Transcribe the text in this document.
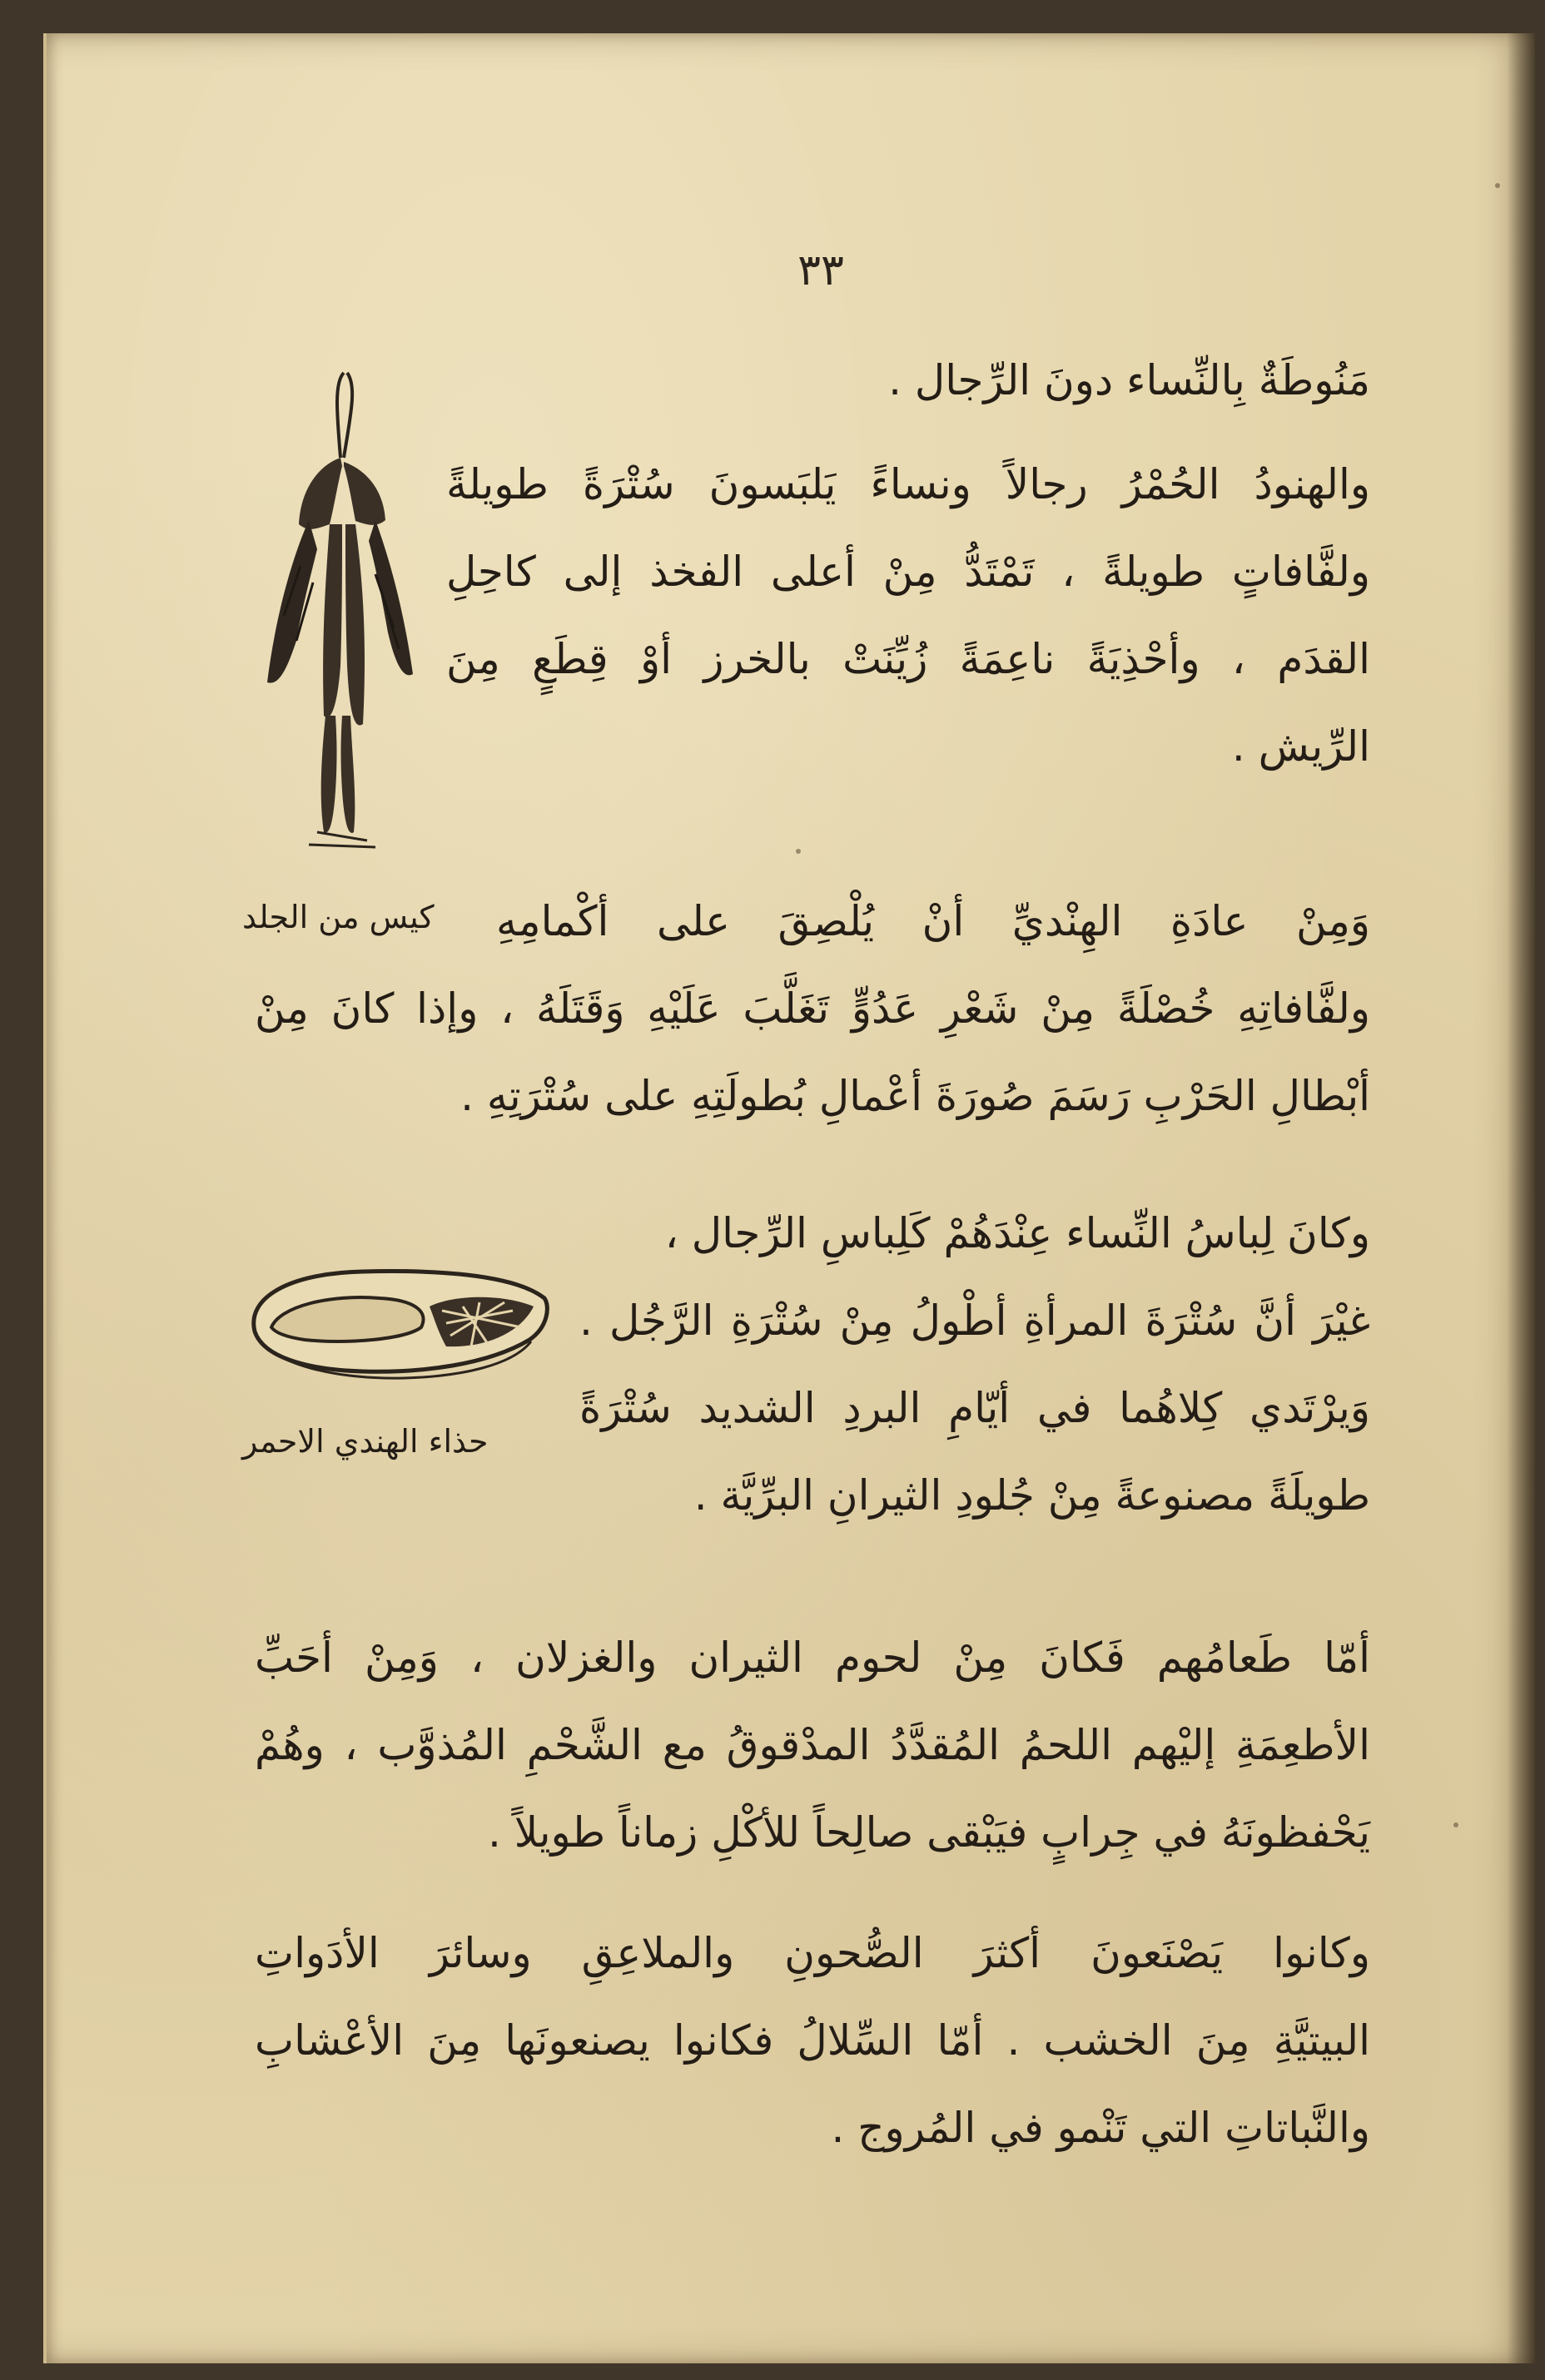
٣٣
مَنُوطَةٌ بِالنِّساء دونَ الرِّجال .
والهنودُ الحُمْرُ رجالاً ونساءً يَلبَسونَ سُتْرَةً طويلةً
ولفَّافاتٍ طويلةً ، تَمْتَدُّ مِنْ أعلى الفخذ إلى كاحِلِ
القدَم ، وأحْذِيَةً ناعِمَةً زُيِّنَتْ بالخرز أوْ قِطَعٍ مِنَ
الرِّيش .
كيس من الجلد	وَمِنْ عادَةِ الهِنْديِّ أنْ يُلْصِقَ على أكْمامِهِ
ولفَّافاتِهِ خُصْلَةً مِنْ شَعْرِ عَدُوٍّ تَغَلَّبَ عَلَيْهِ وَقَتَلَهُ ، وإذا كانَ مِنْ
أبْطالِ الحَرْبِ رَسَمَ صُورَةَ أعْمالِ بُطولَتِهِ على سُتْرَتِهِ .
وكانَ لِباسُ النِّساء عِنْدَهُمْ كَلِباسِ الرِّجال ،
غيْرَ أنَّ سُتْرَةَ المرأةِ أطْولُ مِنْ سُتْرَةِ الرَّجُل .
وَيرْتَدي كِلاهُما في أيّامِ البردِ الشديد سُتْرَةً
طويلَةً مصنوعةً مِنْ جُلودِ الثيرانِ البرِّيَّة .
حذاء الهندي الاحمر
أمّا طَعامُهم فَكانَ مِنْ لحوم الثيران والغزلان ، وَمِنْ أحَبِّ
الأطعِمَةِ إليْهم اللحمُ المُقدَّدُ المدْقوقُ مع الشَّحْمِ المُذوَّب ، وهُمْ
يَحْفظونَهُ في جِرابٍ فيَبْقى صالِحاً للأكْلِ زماناً طويلاً .
وكانوا يَصْنَعونَ أكثرَ الصُّحونِ والملاعِقِ وسائرَ الأدَواتِ
البيتيَّةِ مِنَ الخشب . أمّا السِّلالُ فكانوا يصنعونَها مِنَ الأعْشابِ
والنَّباتاتِ التي تَنْمو في المُروج .
